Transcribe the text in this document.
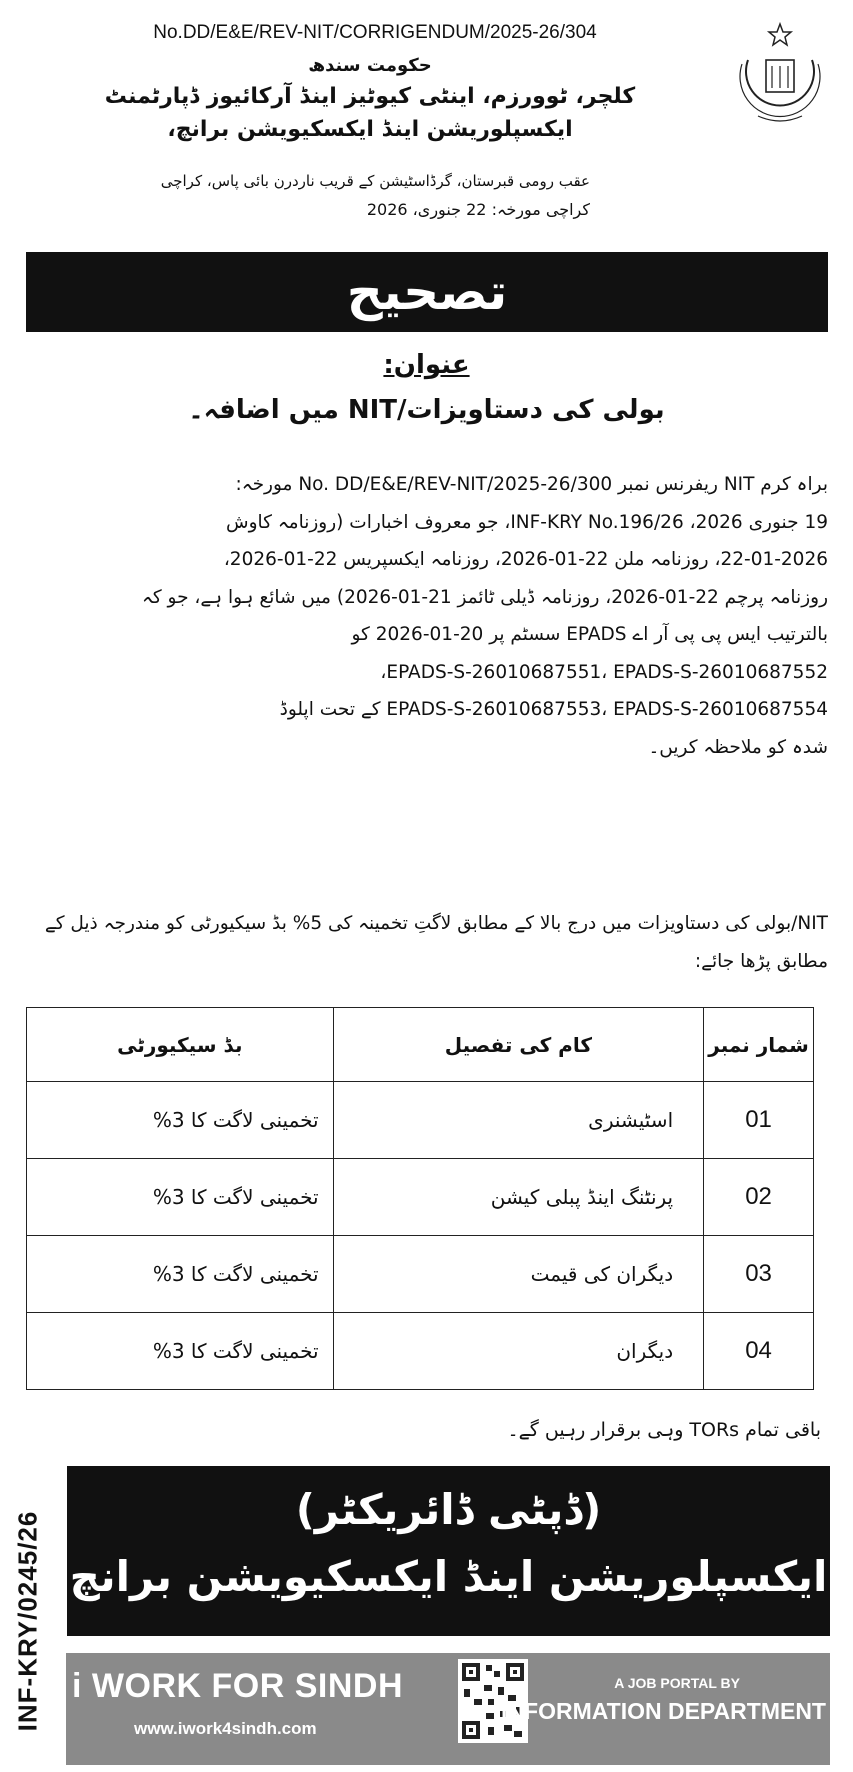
No.DD/E&E/REV-NIT/CORRIGENDUM/2025-26/304
حکومت سندھ
کلچر، ٹوورزم، اینٹی کیوٹیز اینڈ آرکائیوز ڈپارٹمنٹ
ایکسپلوریشن اینڈ ایکسکیویشن برانچ،
عقب رومی قبرستان، گرڈاسٹیشن کے قریب ناردرن بائی پاس، کراچی
کراچی مورخہ: 22 جنوری، 2026
تصحیح
عنوان:
بولی کی دستاویزات/NIT میں اضافہ۔
براہ کرم NIT ریفرنس نمبر No. DD/E&E/REV-NIT/2025-26/300 مورخہ:
19 جنوری 2026، INF-KRY No.196/26، جو معروف اخبارات (روزنامہ کاوش
22-01-2026، روزنامہ ملن 22-01-2026، روزنامہ ایکسپریس 22-01-2026،
روزنامہ پرچم 22-01-2026، روزنامہ ڈیلی ٹائمز 21-01-2026) میں شائع ہوا ہے، جو کہ
بالترتیب ایس پی پی آر اے EPADS سسٹم پر 20-01-2026 کو
EPADS-S-26010687551، EPADS-S-26010687552،
EPADS-S-26010687553، EPADS-S-26010687554 کے تحت اپلوڈ
شدہ کو ملاحظہ کریں۔
NIT/بولی کی دستاویزات میں درج بالا کے مطابق لاگتِ تخمینہ کی 5% بڈ سیکیورٹی کو مندرجہ ذیل کے مطابق پڑھا جائے:
شمار نمبر	کام کی تفصیل	بڈ سیکیورٹی
01	اسٹیشنری	تخمینی لاگت کا 3%
02	پرنٹنگ اینڈ پبلی کیشن	تخمینی لاگت کا 3%
03	دیگران کی قیمت	تخمینی لاگت کا 3%
04	دیگران	تخمینی لاگت کا 3%
باقی تمام TORs وہی برقرار رہیں گے۔
(ڈپٹی ڈائریکٹر)
ایکسپلوریشن اینڈ ایکسکیویشن برانچ
INF-KRY/0245/26 i WORK FOR SINDH
www.iwork4sindh.com
A JOB PORTAL BY
INFORMATION DEPARTMENT
